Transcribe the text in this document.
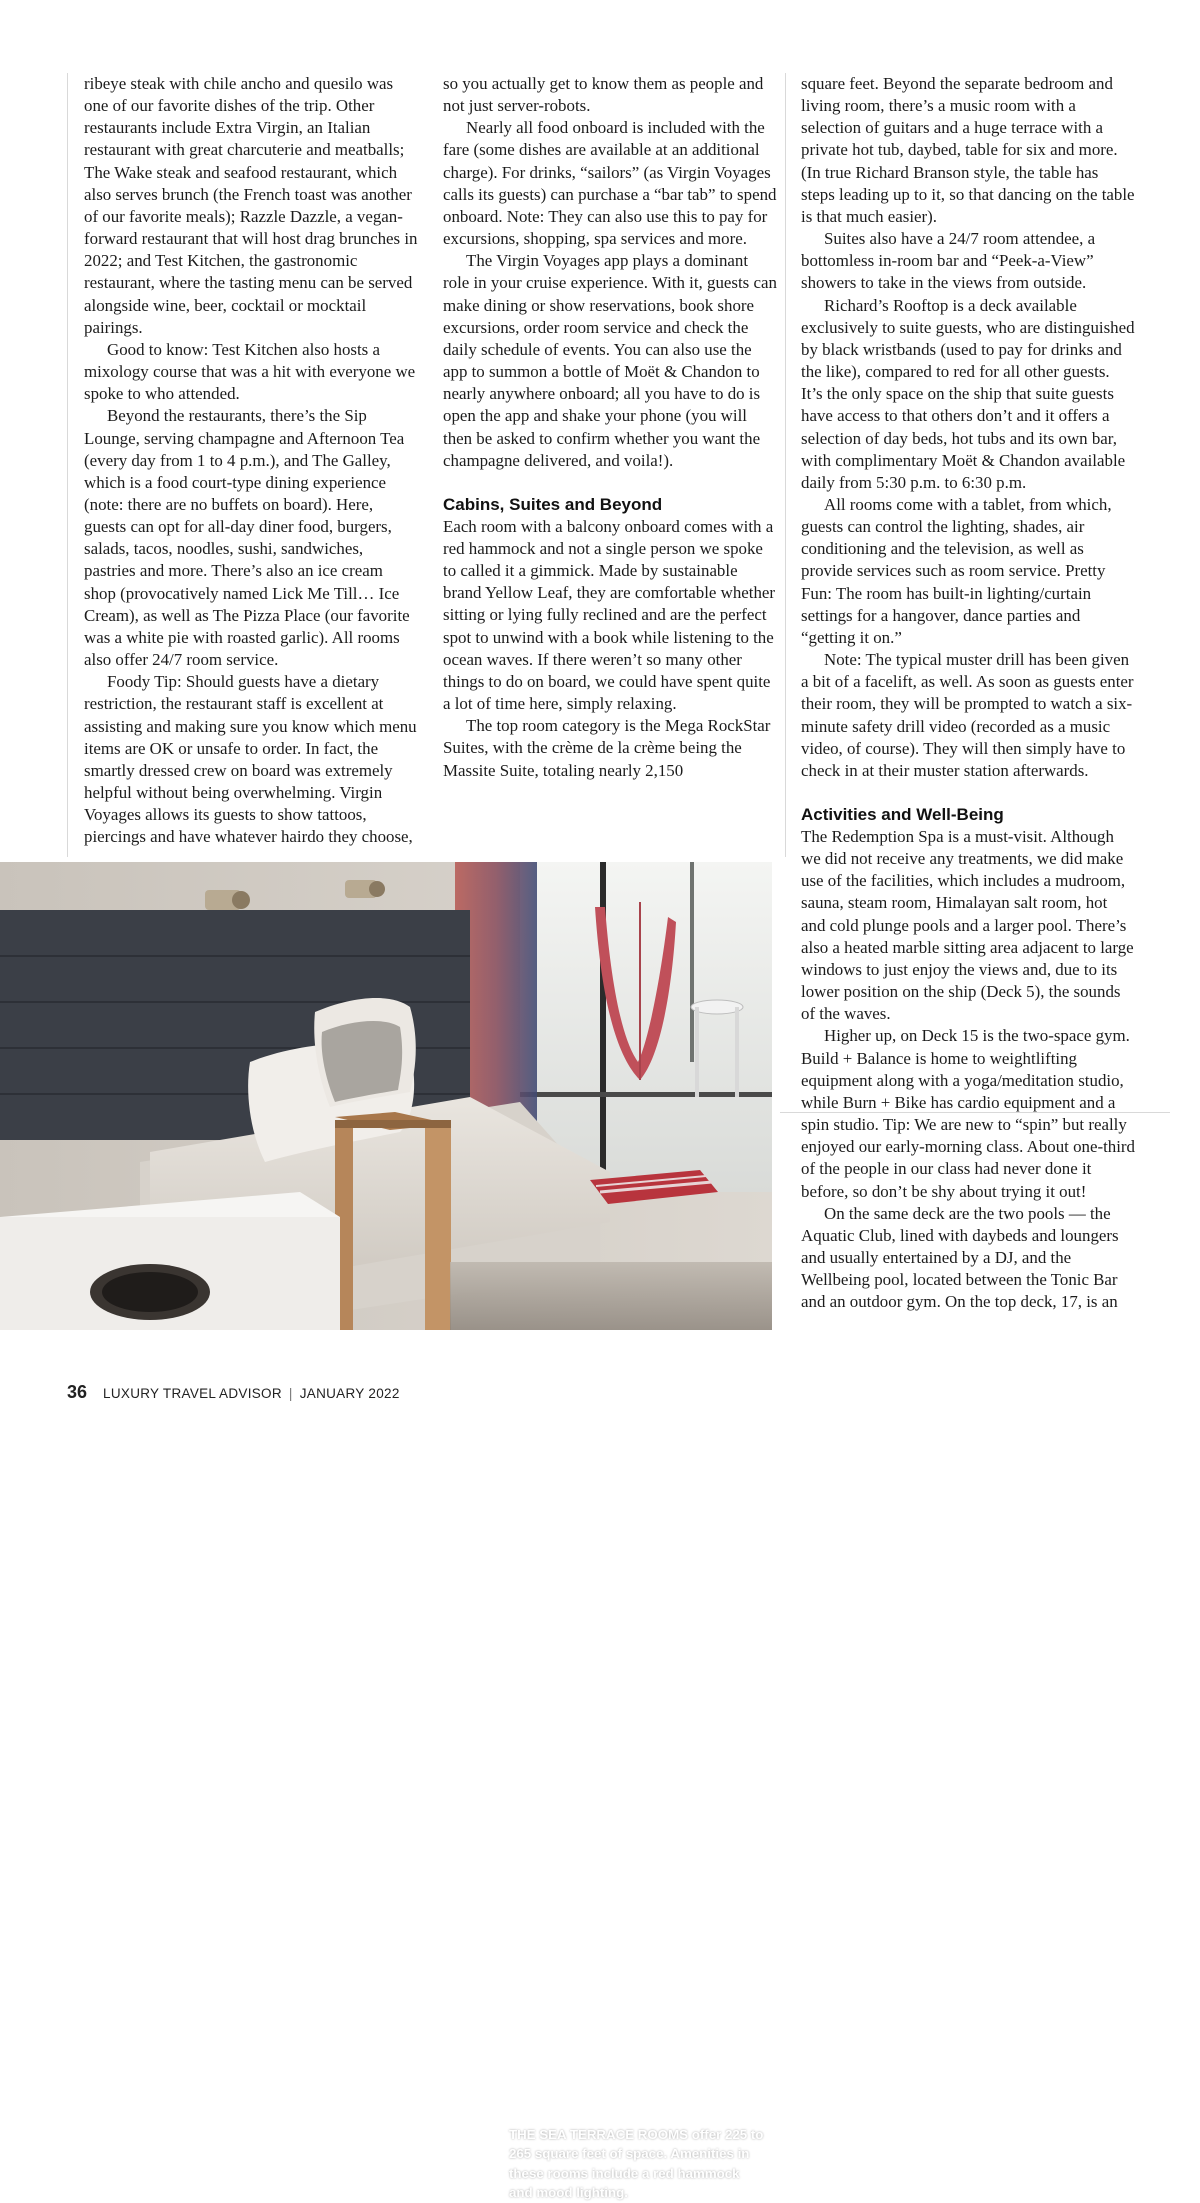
ribeye steak with chile ancho and quesilo was one of our favorite dishes of the trip. Other restaurants include Extra Virgin, an Italian restaurant with great charcuterie and meatballs; The Wake steak and seafood restaurant, which also serves brunch (the French toast was another of our favorite meals); Razzle Dazzle, a vegan-forward restaurant that will host drag brunches in 2022; and Test Kitchen, the gastronomic restaurant, where the tasting menu can be served alongside wine, beer, cocktail or mocktail pairings.

Good to know: Test Kitchen also hosts a mixology course that was a hit with everyone we spoke to who attended.

Beyond the restaurants, there’s the Sip Lounge, serving champagne and Afternoon Tea (every day from 1 to 4 p.m.), and The Galley, which is a food court-type dining experience (note: there are no buffets on board). Here, guests can opt for all-day diner food, burgers, salads, tacos, noodles, sushi, sandwiches, pastries and more. There’s also an ice cream shop (provocatively named Lick Me Till… Ice Cream), as well as The Pizza Place (our favorite was a white pie with roasted garlic). All rooms also offer 24/7 room service.

Foody Tip: Should guests have a dietary restriction, the restaurant staff is excellent at assisting and making sure you know which menu items are OK or unsafe to order. In fact, the smartly dressed crew on board was extremely helpful without being overwhelming. Virgin Voyages allows its guests to show tattoos, piercings and have whatever hairdo they choose,

so you actually get to know them as people and not just server-robots.

Nearly all food onboard is included with the fare (some dishes are available at an additional charge). For drinks, “sailors” (as Virgin Voyages calls its guests) can purchase a “bar tab” to spend onboard. Note: They can also use this to pay for excursions, shopping, spa services and more.

The Virgin Voyages app plays a dominant role in your cruise experience. With it, guests can make dining or show reservations, book shore excursions, order room service and check the daily schedule of events. You can also use the app to summon a bottle of Moët & Chandon to nearly anywhere onboard; all you have to do is open the app and shake your phone (you will then be asked to confirm whether you want the champagne delivered, and voila!).

Cabins, Suites and Beyond

Each room with a balcony onboard comes with a red hammock and not a single person we spoke to called it a gimmick. Made by sustainable brand Yellow Leaf, they are comfortable whether sitting or lying fully reclined and are the perfect spot to unwind with a book while listening to the ocean waves. If there weren’t so many other things to do on board, we could have spent quite a lot of time here, simply relaxing.

The top room category is the Mega RockStar Suites, with the crème de la crème being the Massite Suite, totaling nearly 2,150

square feet. Beyond the separate bedroom and living room, there’s a music room with a selection of guitars and a huge terrace with a private hot tub, daybed, table for six and more. (In true Richard Branson style, the table has steps leading up to it, so that dancing on the table is that much easier).

Suites also have a 24/7 room attendee, a bottomless in-room bar and “Peek-a-View” showers to take in the views from outside.

Richard’s Rooftop is a deck available exclusively to suite guests, who are distinguished by black wristbands (used to pay for drinks and the like), compared to red for all other guests. It’s the only space on the ship that suite guests have access to that others don’t and it offers a selection of day beds, hot tubs and its own bar, with complimentary Moët & Chandon available daily from 5:30 p.m. to 6:30 p.m.

All rooms come with a tablet, from which, guests can control the lighting, shades, air conditioning and the television, as well as provide services such as room service. Pretty Fun: The room has built-in lighting/curtain settings for a hangover, dance parties and “getting it on.”

Note: The typical muster drill has been given a bit of a facelift, as well. As soon as guests enter their room, they will be prompted to watch a six-minute safety drill video (recorded as a music video, of course). They will then simply have to check in at their muster station afterwards.

Activities and Well-Being

The Redemption Spa is a must-visit. Although we did not receive any treatments, we did make use of the facilities, which includes a mudroom, sauna, steam room, Himalayan salt room, hot and cold plunge pools and a larger pool. There’s also a heated marble sitting area adjacent to large windows to just enjoy the views and, due to its lower position on the ship (Deck 5), the sounds of the waves.

Higher up, on Deck 15 is the two-space gym. Build + Balance is home to weightlifting equipment along with a yoga/meditation studio, while Burn + Bike has cardio equipment and a spin studio. Tip: We are new to “spin” but really enjoyed our early-morning class. About one-third of the people in our class had never done it before, so don’t be shy about trying it out!

On the same deck are the two pools — the Aquatic Club, lined with daybeds and loungers and usually entertained by a DJ, and the Wellbeing pool, located between the Tonic Bar and an outdoor gym. On the top deck, 17, is an

THE SEA TERRACE ROOMS offer 225 to 265 square feet of space. Amenities in these rooms include a red hammock and mood lighting.
36 LUXURY TRAVEL ADVISOR | JANUARY 2022
